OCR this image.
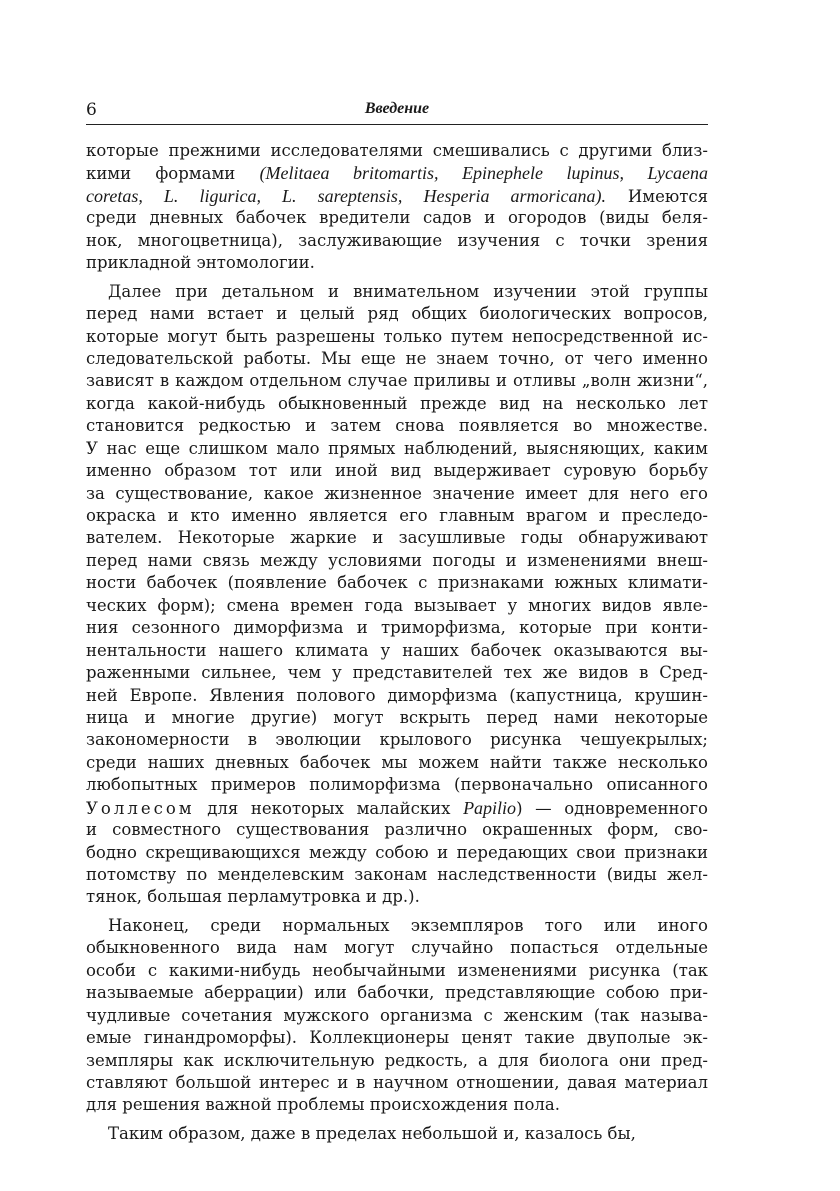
6	Введение
которые прежними исследователями смешивались с другими близ-
кими формами (Melitaea britomartis, Epinephele lupinus, Lycaena
coretas, L. ligurica, L. sareptensis, Hesperia armoricana). Имеются
среди дневных бабочек вредители садов и огородов (виды беля-
нок, многоцветница), заслуживающие изучения с точки зрения
прикладной энтомологии.
Далее при детальном и внимательном изучении этой группы
перед нами встает и целый ряд общих биологических вопросов,
которые могут быть разрешены только путем непосредственной ис-
следовательской работы. Мы еще не знаем точно, от чего именно
зависят в каждом отдельном случае приливы и отливы „волн жизни“,
когда какой-нибудь обыкновенный прежде вид на несколько лет
становится редкостью и затем снова появляется во множестве.
У нас еще слишком мало прямых наблюдений, выясняющих, каким
именно образом тот или иной вид выдерживает суровую борьбу
за существование, какое жизненное значение имеет для него его
окраска и кто именно является его главным врагом и преследо-
вателем. Некоторые жаркие и засушливые годы обнаруживают
перед нами связь между условиями погоды и изменениями внеш-
ности бабочек (появление бабочек с признаками южных климати-
ческих форм); смена времен года вызывает у многих видов явле-
ния сезонного диморфизма и триморфизма, которые при конти-
нентальности нашего климата у наших бабочек оказываются вы-
раженными сильнее, чем у представителей тех же видов в Сред-
ней Европе. Явления полового диморфизма (капустница, крушин-
ница и многие другие) могут вскрыть перед нами некоторые
закономерности в эволюции крылового рисунка чешуекрылых;
среди наших дневных бабочек мы можем найти также несколько
любопытных примеров полиморфизма (первоначально описанного
Уоллесом для некоторых малайских Papilio) — одновременного
и совместного существования различно окрашенных форм, сво-
бодно скрещивающихся между собою и передающих свои признаки
потомству по менделевским законам наследственности (виды жел-
тянок, большая перламутровка и др.).
Наконец, среди нормальных экземпляров того или иного
обыкновенного вида нам могут случайно попасться отдельные
особи с какими-нибудь необычайными изменениями рисунка (так
называемые аберрации) или бабочки, представляющие собою при-
чудливые сочетания мужского организма с женским (так называ-
емые гинандроморфы). Коллекционеры ценят такие двуполые эк-
земпляры как исключительную редкость, а для биолога они пред-
ставляют большой интерес и в научном отношении, давая материал
для решения важной проблемы происхождения пола.
Таким образом, даже в пределах небольшой и, казалось бы,
